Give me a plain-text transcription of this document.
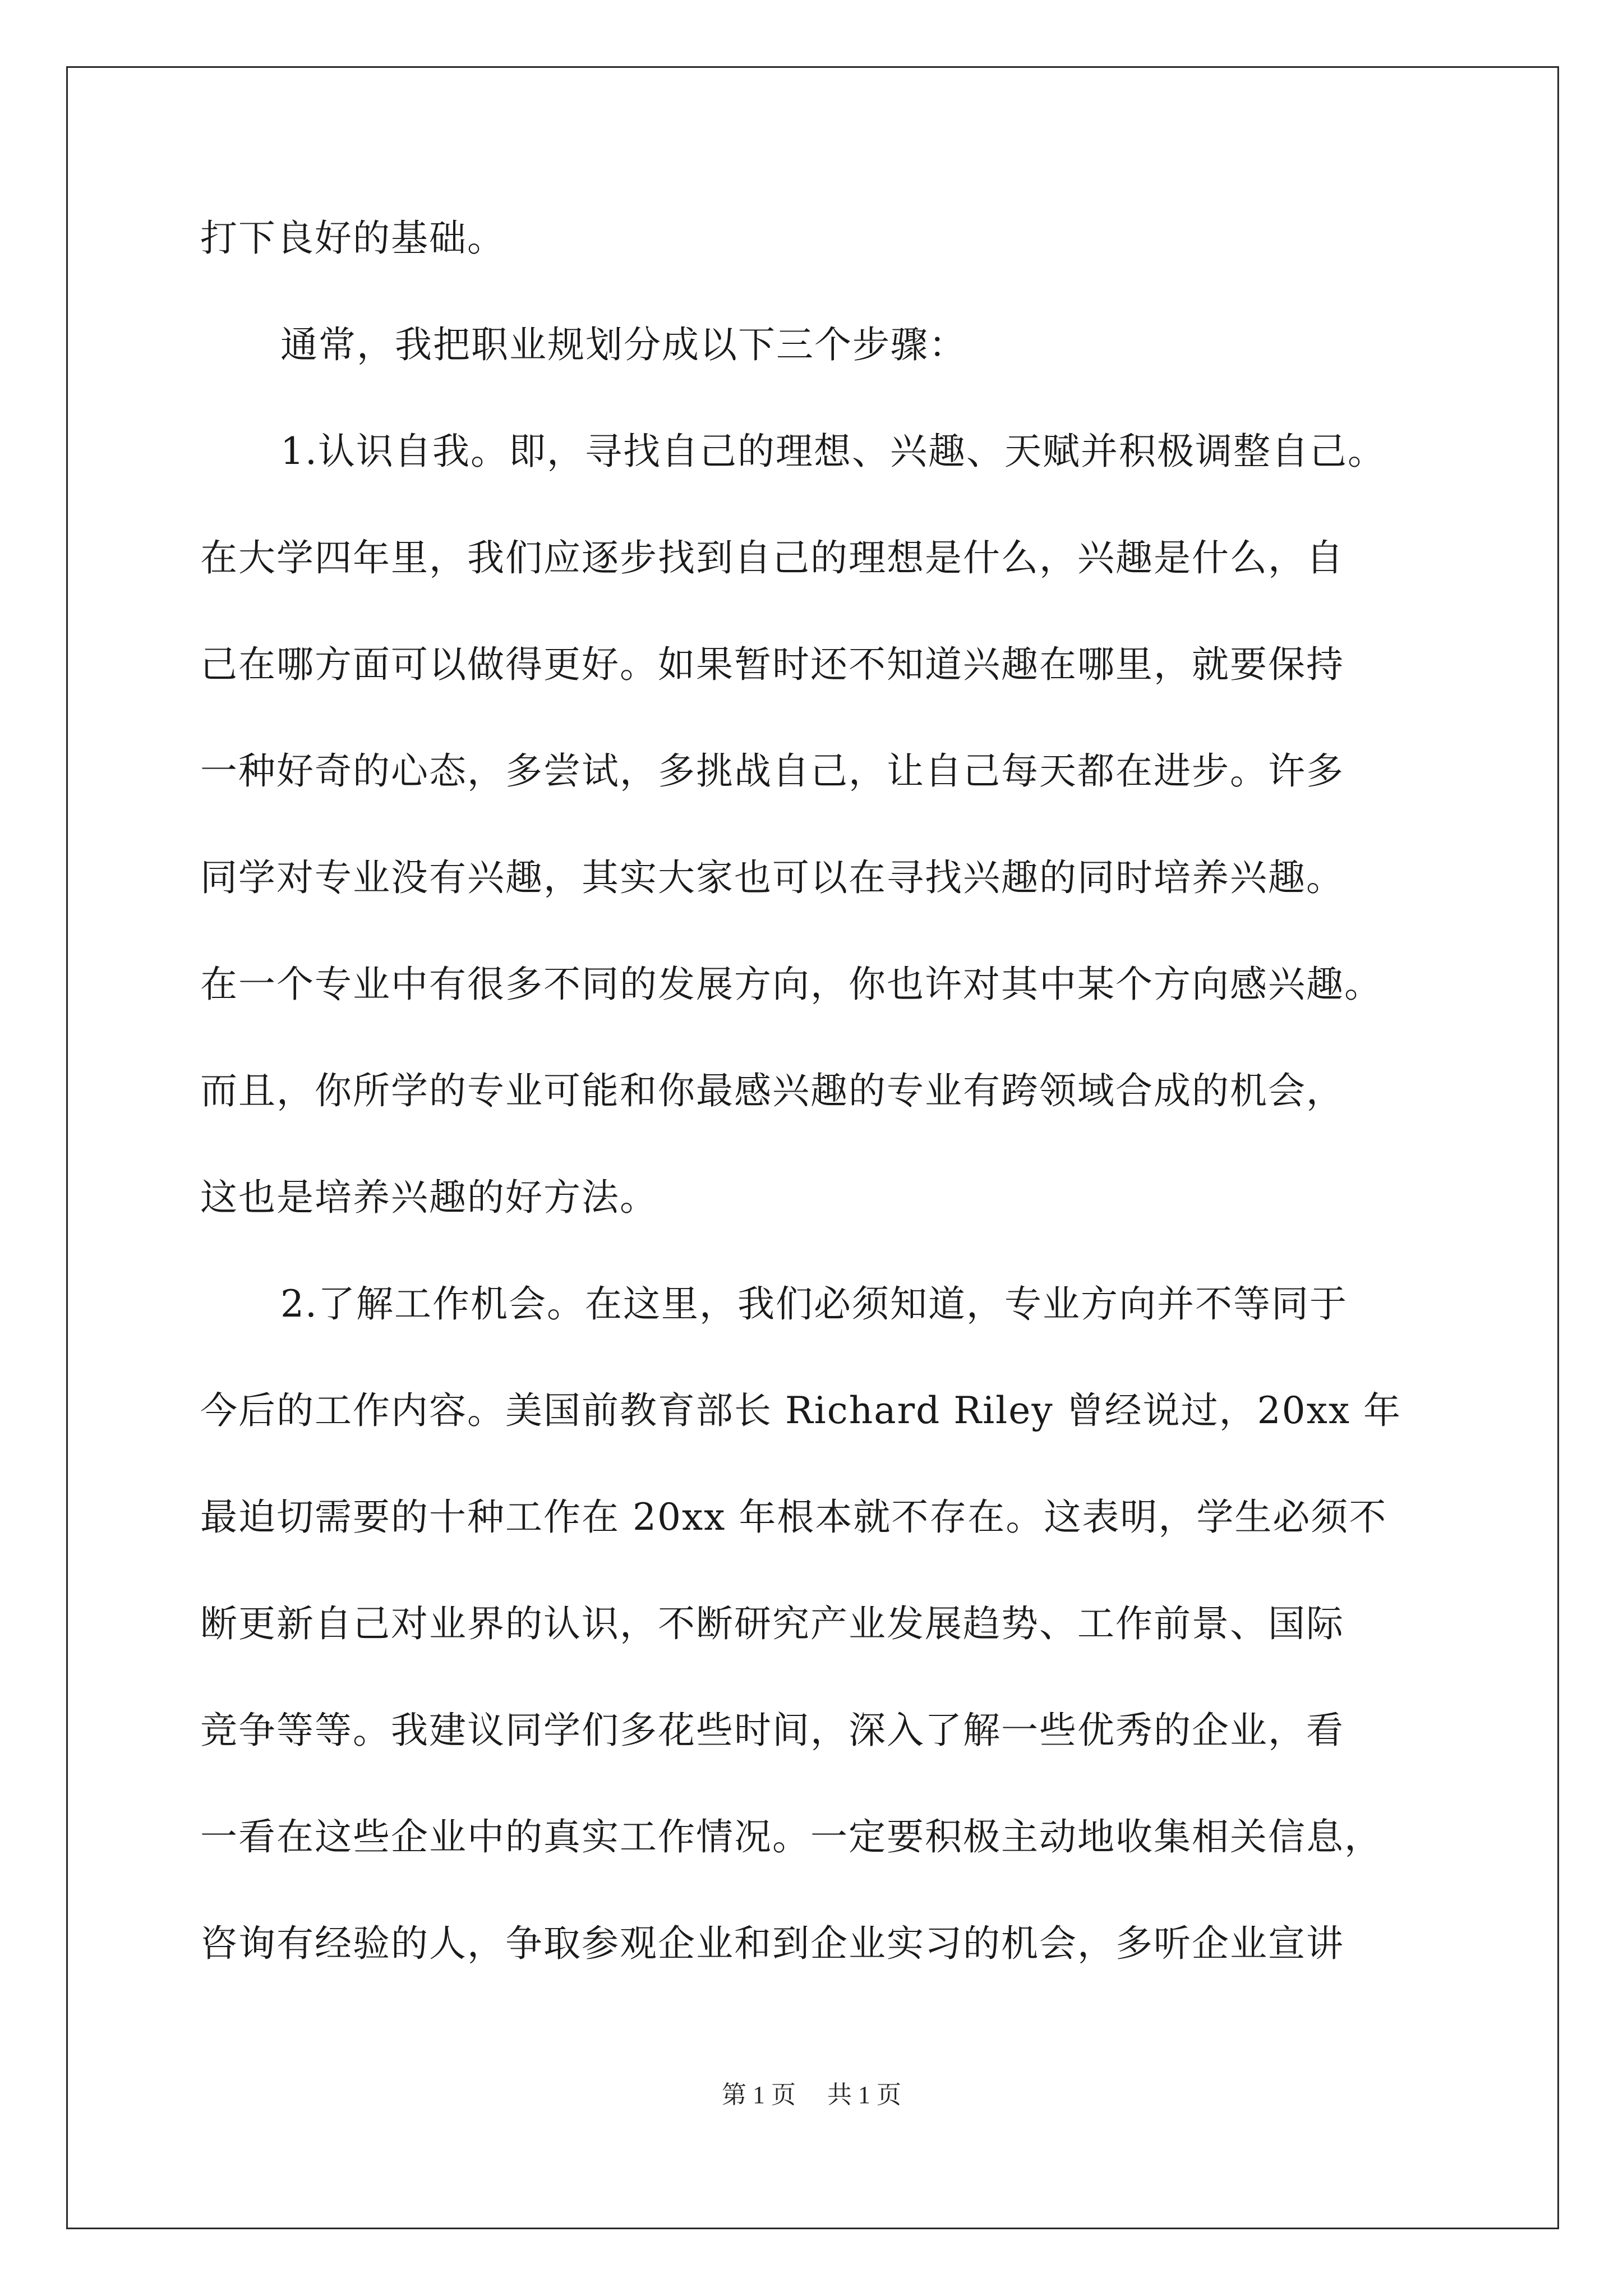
打下良好的基础。
通常，我把职业规划分成以下三个步骤：
1.认识自我。即，寻找自己的理想、兴趣、天赋并积极调整自己。
在大学四年里，我们应逐步找到自己的理想是什么，兴趣是什么，自
己在哪方面可以做得更好。如果暂时还不知道兴趣在哪里，就要保持
一种好奇的心态，多尝试，多挑战自己，让自己每天都在进步。许多
同学对专业没有兴趣，其实大家也可以在寻找兴趣的同时培养兴趣。
在一个专业中有很多不同的发展方向，你也许对其中某个方向感兴趣。
而且，你所学的专业可能和你最感兴趣的专业有跨领域合成的机会，
这也是培养兴趣的好方法。
2.了解工作机会。在这里，我们必须知道，专业方向并不等同于
今后的工作内容。美国前教育部长 Richard Riley 曾经说过，20xx 年
最迫切需要的十种工作在 20xx 年根本就不存在。这表明，学生必须不
断更新自己对业界的认识，不断研究产业发展趋势、工作前景、国际
竞争等等。我建议同学们多花些时间，深入了解一些优秀的企业，看
一看在这些企业中的真实工作情况。一定要积极主动地收集相关信息，
咨询有经验的人，争取参观企业和到企业实习的机会，多听企业宣讲
第 1 页 共 1 页
